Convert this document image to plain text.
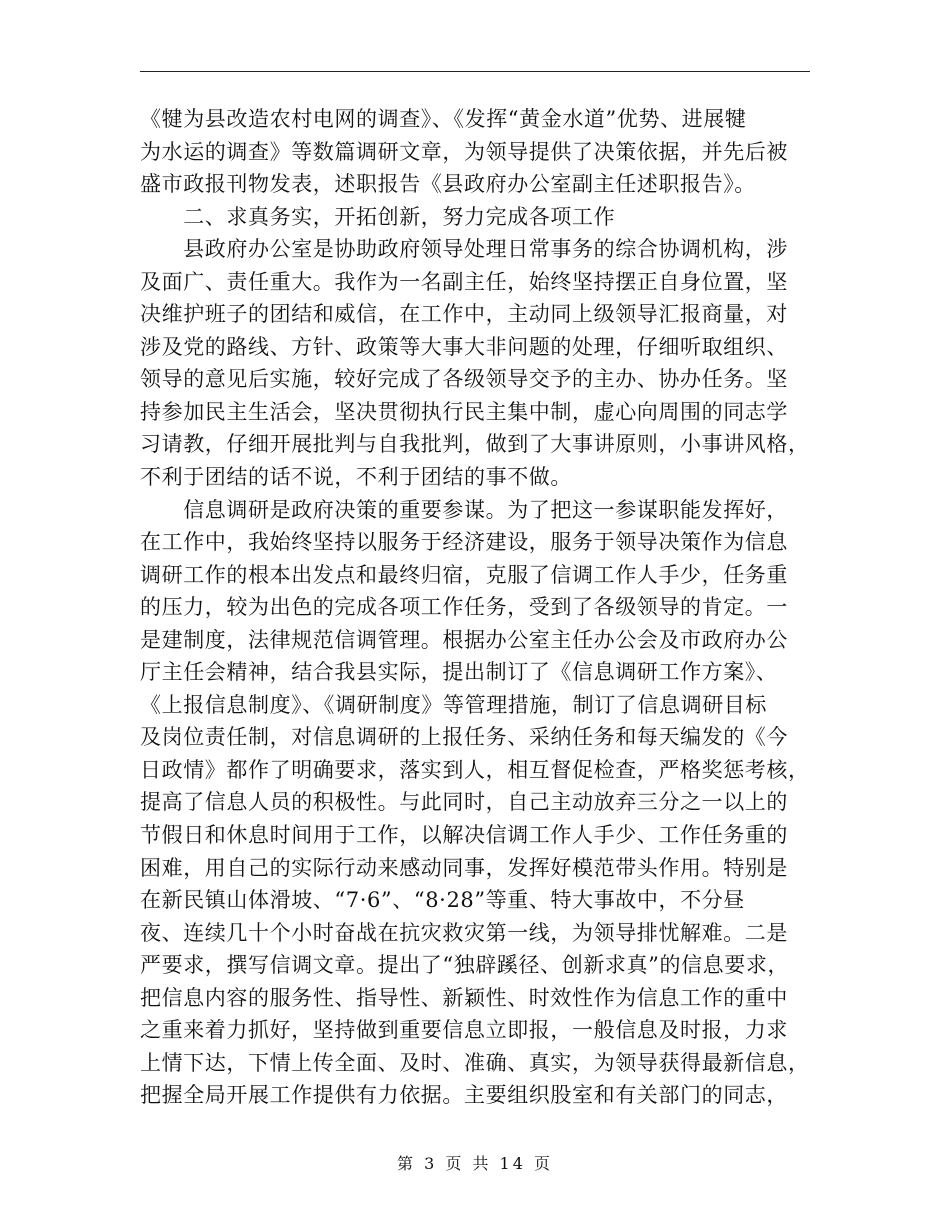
《犍为县改造农村电网的调查》、《发挥“黄金水道”优势、进展犍
为水运的调查》等数篇调研文章，为领导提供了决策依据，并先后被
盛市政报刊物发表，述职报告《县政府办公室副主任述职报告》。
　　二、求真务实，开拓创新，努力完成各项工作
　　县政府办公室是协助政府领导处理日常事务的综合协调机构，涉
及面广、责任重大。我作为一名副主任，始终坚持摆正自身位置，坚
决维护班子的团结和威信，在工作中，主动同上级领导汇报商量，对
涉及党的路线、方针、政策等大事大非问题的处理，仔细听取组织、
领导的意见后实施，较好完成了各级领导交予的主办、协办任务。坚
持参加民主生活会，坚决贯彻执行民主集中制，虚心向周围的同志学
习请教，仔细开展批判与自我批判，做到了大事讲原则，小事讲风格，
不利于团结的话不说，不利于团结的事不做。
　　信息调研是政府决策的重要参谋。为了把这一参谋职能发挥好，
在工作中，我始终坚持以服务于经济建设，服务于领导决策作为信息
调研工作的根本出发点和最终归宿，克服了信调工作人手少，任务重
的压力，较为出色的完成各项工作任务，受到了各级领导的肯定。一
是建制度，法律规范信调管理。根据办公室主任办公会及市政府办公
厅主任会精神，结合我县实际，提出制订了《信息调研工作方案》、
《上报信息制度》、《调研制度》等管理措施，制订了信息调研目标
及岗位责任制，对信息调研的上报任务、采纳任务和每天编发的《今
日政情》都作了明确要求，落实到人，相互督促检查，严格奖惩考核，
提高了信息人员的积极性。与此同时，自己主动放弃三分之一以上的
节假日和休息时间用于工作，以解决信调工作人手少、工作任务重的
困难，用自己的实际行动来感动同事，发挥好模范带头作用。特别是
在新民镇山体滑坡、“7·6”、“8·28”等重、特大事故中，不分昼
夜、连续几十个小时奋战在抗灾救灾第一线，为领导排忧解难。二是
严要求，撰写信调文章。提出了“独辟蹊径、创新求真”的信息要求，
把信息内容的服务性、指导性、新颖性、时效性作为信息工作的重中
之重来着力抓好，坚持做到重要信息立即报，一般信息及时报，力求
上情下达，下情上传全面、及时、准确、真实，为领导获得最新信息，
把握全局开展工作提供有力依据。主要组织股室和有关部门的同志，
第 3 页 共 14 页
